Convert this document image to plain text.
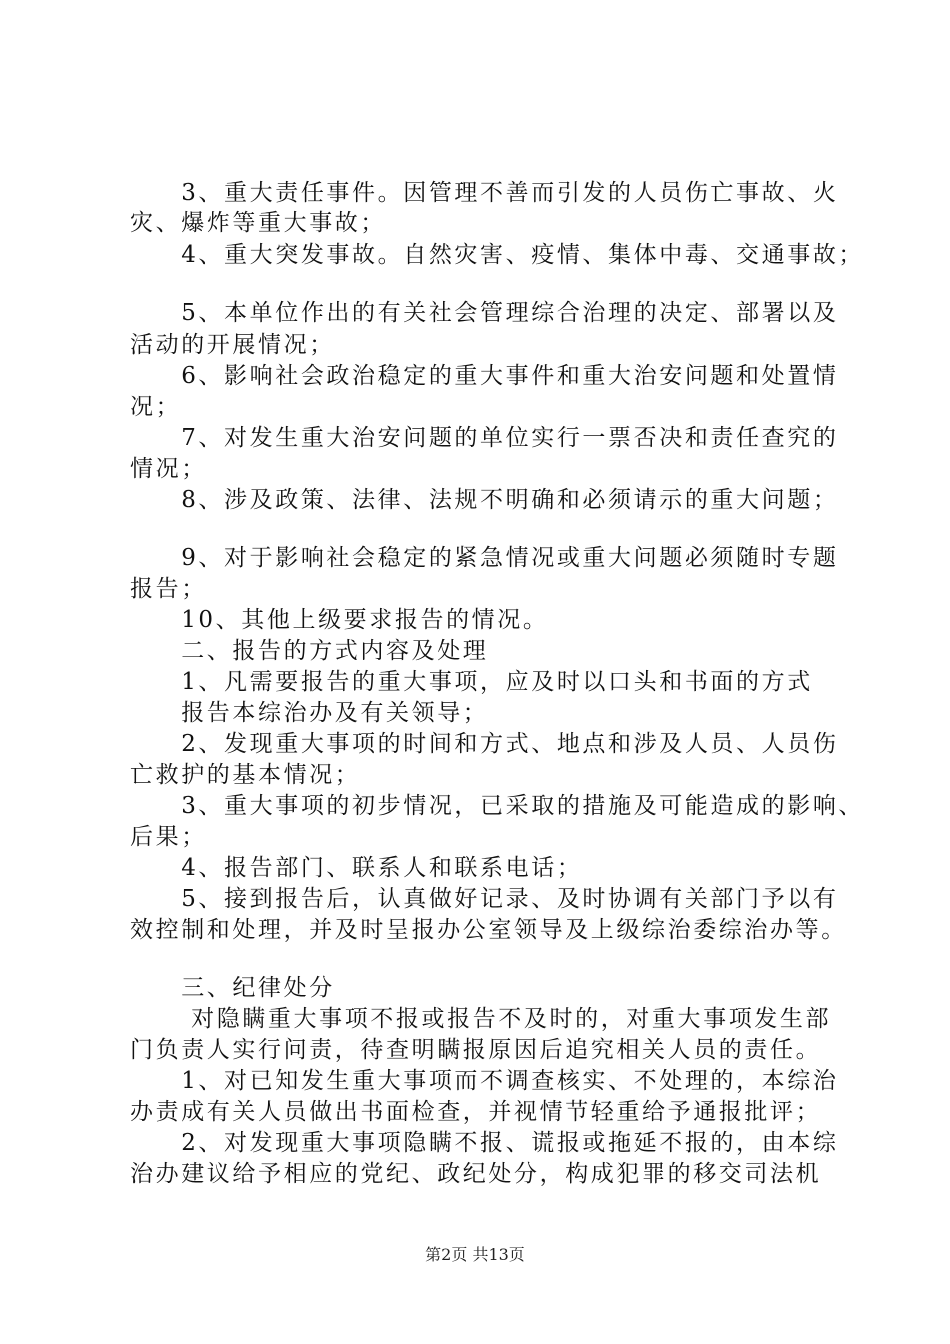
　　3、重大责任事件。因管理不善而引发的人员伤亡事故、火
灾、爆炸等重大事故；
　　4、重大突发事故。自然灾害、疫情、集体中毒、交通事故；
　　5、本单位作出的有关社会管理综合治理的决定、部署以及
活动的开展情况；
　　6、影响社会政治稳定的重大事件和重大治安问题和处置情
况；
　　7、对发生重大治安问题的单位实行一票否决和责任查究的
情况；
　　8、涉及政策、法律、法规不明确和必须请示的重大问题；
　　9、对于影响社会稳定的紧急情况或重大问题必须随时专题
报告；
　　10、其他上级要求报告的情况。
　　二、报告的方式内容及处理
　　1、凡需要报告的重大事项，应及时以口头和书面的方式
　　报告本综治办及有关领导；
　　2、发现重大事项的时间和方式、地点和涉及人员、人员伤
亡救护的基本情况；
　　3、重大事项的初步情况，已采取的措施及可能造成的影响、
后果；
　　4、报告部门、联系人和联系电话；
　　5、接到报告后，认真做好记录、及时协调有关部门予以有
效控制和处理，并及时呈报办公室领导及上级综治委综治办等。
　　三、纪律处分
　　 对隐瞒重大事项不报或报告不及时的，对重大事项发生部
门负责人实行问责，待查明瞒报原因后追究相关人员的责任。
　　1、对已知发生重大事项而不调查核实、不处理的，本综治
办责成有关人员做出书面检查，并视情节轻重给予通报批评；
　　2、对发现重大事项隐瞒不报、谎报或拖延不报的，由本综
治办建议给予相应的党纪、政纪处分，构成犯罪的移交司法机
第2页 共13页
